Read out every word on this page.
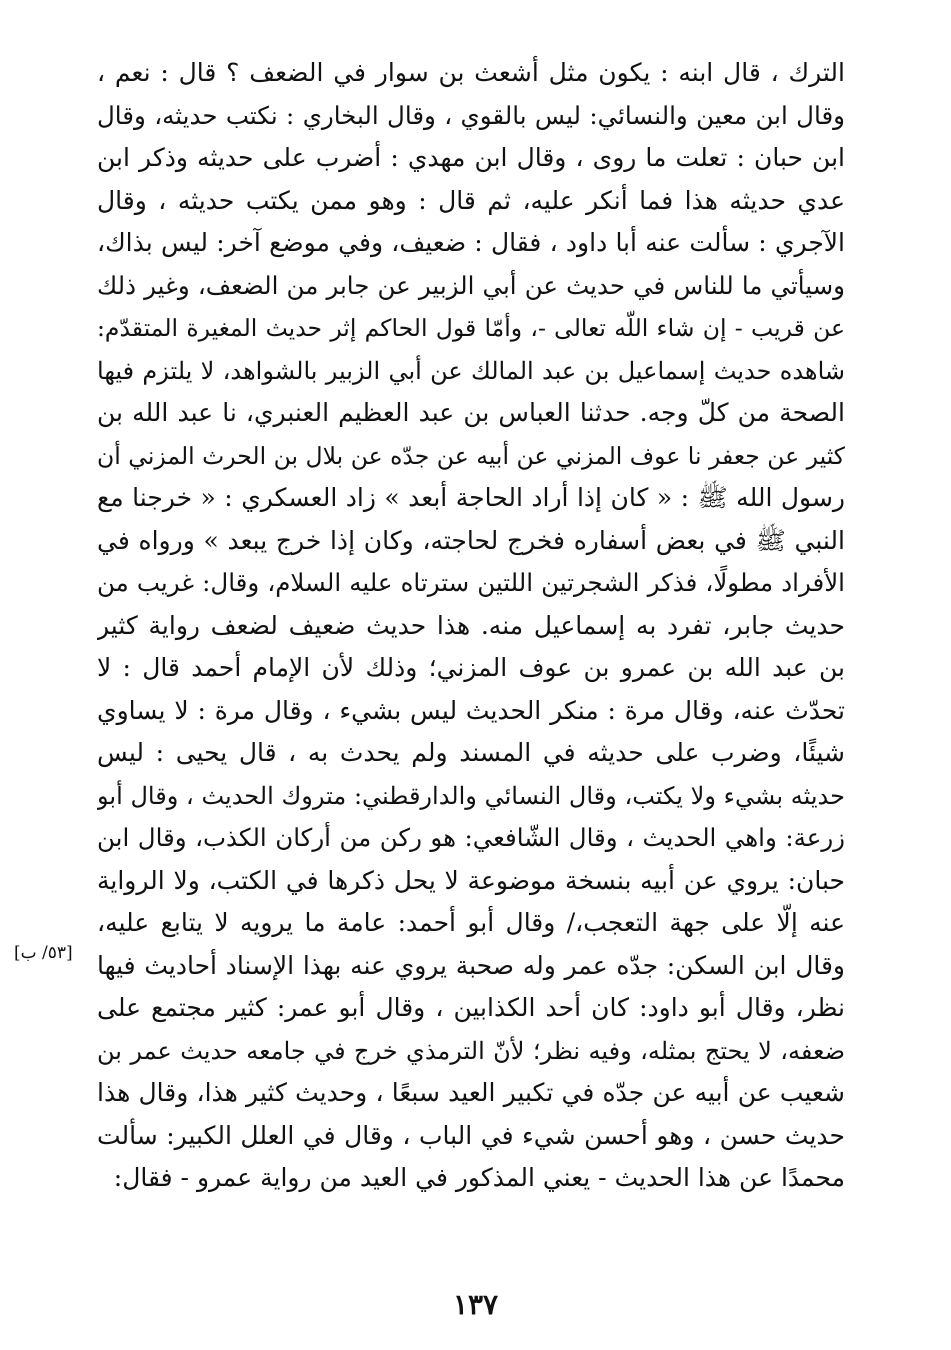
الترك ، قال ابنه : يكون مثل أشعث بن سوار في الضعف ؟ قال : نعم ،
وقال ابن معين والنسائي: ليس بالقوي ، وقال البخاري : نكتب حديثه، وقال
ابن حبان : تعلت ما روى ، وقال ابن مهدي : أضرب على حديثه وذكر ابن
عدي حديثه هذا فما أنكر عليه، ثم قال : وهو ممن يكتب حديثه ، وقال
الآجري : سألت عنه أبا داود ، فقال : ضعيف، وفي موضع آخر: ليس بذاك،
وسيأتي ما للناس في حديث عن أبي الزبير عن جابر من الضعف، وغير ذلك
عن قريب - إن شاء اللّه تعالى -، وأمّا قول الحاكم إثر حديث المغيرة المتقدّم:
شاهده حديث إسماعيل بن عبد المالك عن أبي الزبير بالشواهد، لا يلتزم فيها
الصحة من كلّ وجه. حدثنا العباس بن عبد العظيم العنبري، نا عبد الله بن
كثير عن جعفر نا عوف المزني عن أبيه عن جدّه عن بلال بن الحرث المزني أن
رسول الله ﷺ : « كان إذا أراد الحاجة أبعد » زاد العسكري : « خرجنا مع
النبي ﷺ في بعض أسفاره فخرج لحاجته، وكان إذا خرج يبعد » ورواه في
الأفراد مطولًا، فذكر الشجرتين اللتين سترتاه عليه السلام، وقال: غريب من
حديث جابر، تفرد به إسماعيل منه. هذا حديث ضعيف لضعف رواية كثير
بن عبد الله بن عمرو بن عوف المزني؛ وذلك لأن الإمام أحمد قال : لا
تحدّث عنه، وقال مرة : منكر الحديث ليس بشيء ، وقال مرة : لا يساوي
شيئًا، وضرب على حديثه في المسند ولم يحدث به ، قال يحيى : ليس
حديثه بشيء ولا يكتب، وقال النسائي والدارقطني: متروك الحديث ، وقال أبو
زرعة: واهي الحديث ، وقال الشّافعي: هو ركن من أركان الكذب، وقال ابن
حبان: يروي عن أبيه بنسخة موضوعة لا يحل ذكرها في الكتب، ولا الرواية
عنه إلّا على جهة التعجب،/ وقال أبو أحمد: عامة ما يرويه لا يتابع عليه،
وقال ابن السكن: جدّه عمر وله صحبة يروي عنه بهذا الإسناد أحاديث فيها
نظر، وقال أبو داود: كان أحد الكذابين ، وقال أبو عمر: كثير مجتمع على
ضعفه، لا يحتج بمثله، وفيه نظر؛ لأنّ الترمذي خرج في جامعه حديث عمر بن
شعيب عن أبيه عن جدّه في تكبير العيد سبعًا ، وحديث كثير هذا، وقال هذا
حديث حسن ، وهو أحسن شيء في الباب ، وقال في العلل الكبير: سألت
محمدًا عن هذا الحديث - يعني المذكور في العيد من رواية عمرو - فقال:
[٥٣/ ب]
١٣٧
